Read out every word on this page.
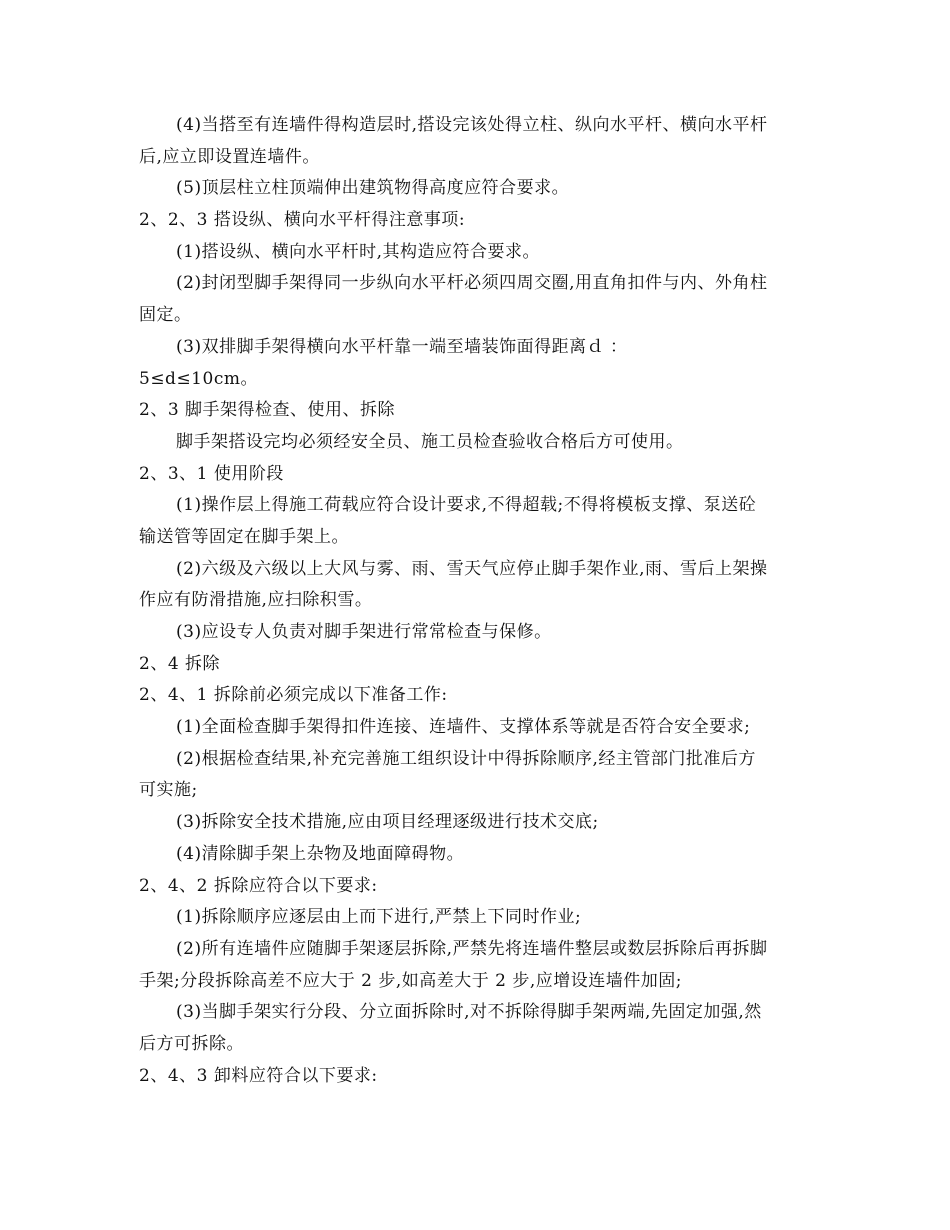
(4)当搭至有连墙件得构造层时,搭设完该处得立柱、纵向水平杆、横向水平杆
后,应立即设置连墙件。
(5)顶层柱立柱顶端伸出建筑物得高度应符合要求。
2、2、3 搭设纵、横向水平杆得注意事项:
(1)搭设纵、横向水平杆时,其构造应符合要求。
(2)封闭型脚手架得同一步纵向水平杆必须四周交圈,用直角扣件与内、外角柱
固定。
(3)双排脚手架得横向水平杆靠一端至墙装饰面得距离ｄ ：
5≤d≤10cm。
2、3 脚手架得检查、使用、拆除
脚手架搭设完均必须经安全员、施工员检查验收合格后方可使用。
2、3、1 使用阶段
(1)操作层上得施工荷载应符合设计要求,不得超载;不得将模板支撑、泵送砼
输送管等固定在脚手架上。
(2)六级及六级以上大风与雾、雨、雪天气应停止脚手架作业,雨、雪后上架操
作应有防滑措施,应扫除积雪。
(3)应设专人负责对脚手架进行常常检查与保修。
2、4 拆除
2、4、1 拆除前必须完成以下准备工作:
(1)全面检查脚手架得扣件连接、连墙件、支撑体系等就是否符合安全要求;
(2)根据检查结果,补充完善施工组织设计中得拆除顺序,经主管部门批准后方
可实施;
(3)拆除安全技术措施,应由项目经理逐级进行技术交底;
(4)清除脚手架上杂物及地面障碍物。
2、4、2 拆除应符合以下要求:
(1)拆除顺序应逐层由上而下进行,严禁上下同时作业;
(2)所有连墙件应随脚手架逐层拆除,严禁先将连墙件整层或数层拆除后再拆脚
手架;分段拆除高差不应大于 2 步,如高差大于 2 步,应增设连墙件加固;
(3)当脚手架实行分段、分立面拆除时,对不拆除得脚手架两端,先固定加强,然
后方可拆除。
2、4、3 卸料应符合以下要求:
